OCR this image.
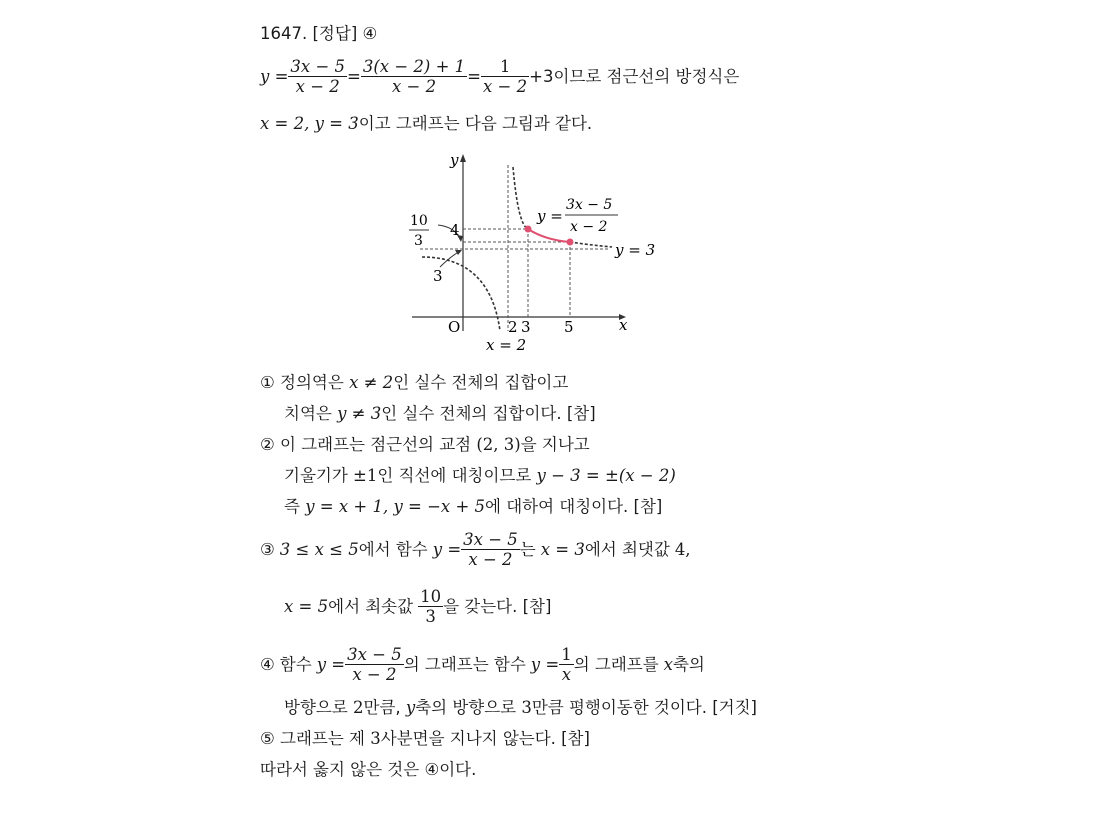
1647. [정답] ④
$y = \frac{3x - 5}{x - 2} = \frac{3(x - 2) + 1}{x - 2} = \frac{1}{x - 2} +3$이므로 점근선의 방정식은
x = 2, y = 3이고 그래프는 다음 그림과 같다.
y
x
O	2 3 5
4
3
10
3
x = 2
y = 3
y =
3x − 5
x − 2
① 정의역은 x ≠ 2인 실수 전체의 집합이고
치역은 y ≠ 3인 실수 전체의 집합이다. [참]
② 이 그래프는 점근선의 교점 (2, 3)을 지나고
기울기가 ±1인 직선에 대칭이므로 y − 3 = ±(x − 2)
즉 y = x + 1, y = −x + 5에 대하여 대칭이다. [참]
③ 3 ≤ x ≤ 5 에서 함수 $y = \frac{3x - 5}{x - 2}$ 는 x = 3 에서 최댓값 4,
x = 5 에서 최솟값 $\frac{10}{3}$ 을 갖는다. [참]
④ 함수 $y = \frac{3x - 5}{x - 2}$ 의 그래프는 함수 $y = \frac{1}{x}$ 의 그래프를 x 축의
방향으로 2만큼, y축의 방향으로 3만큼 평행이동한 것이다. [거짓]
⑤ 그래프는 제 3사분면을 지나지 않는다. [참]
따라서 옳지 않은 것은 ④이다.
